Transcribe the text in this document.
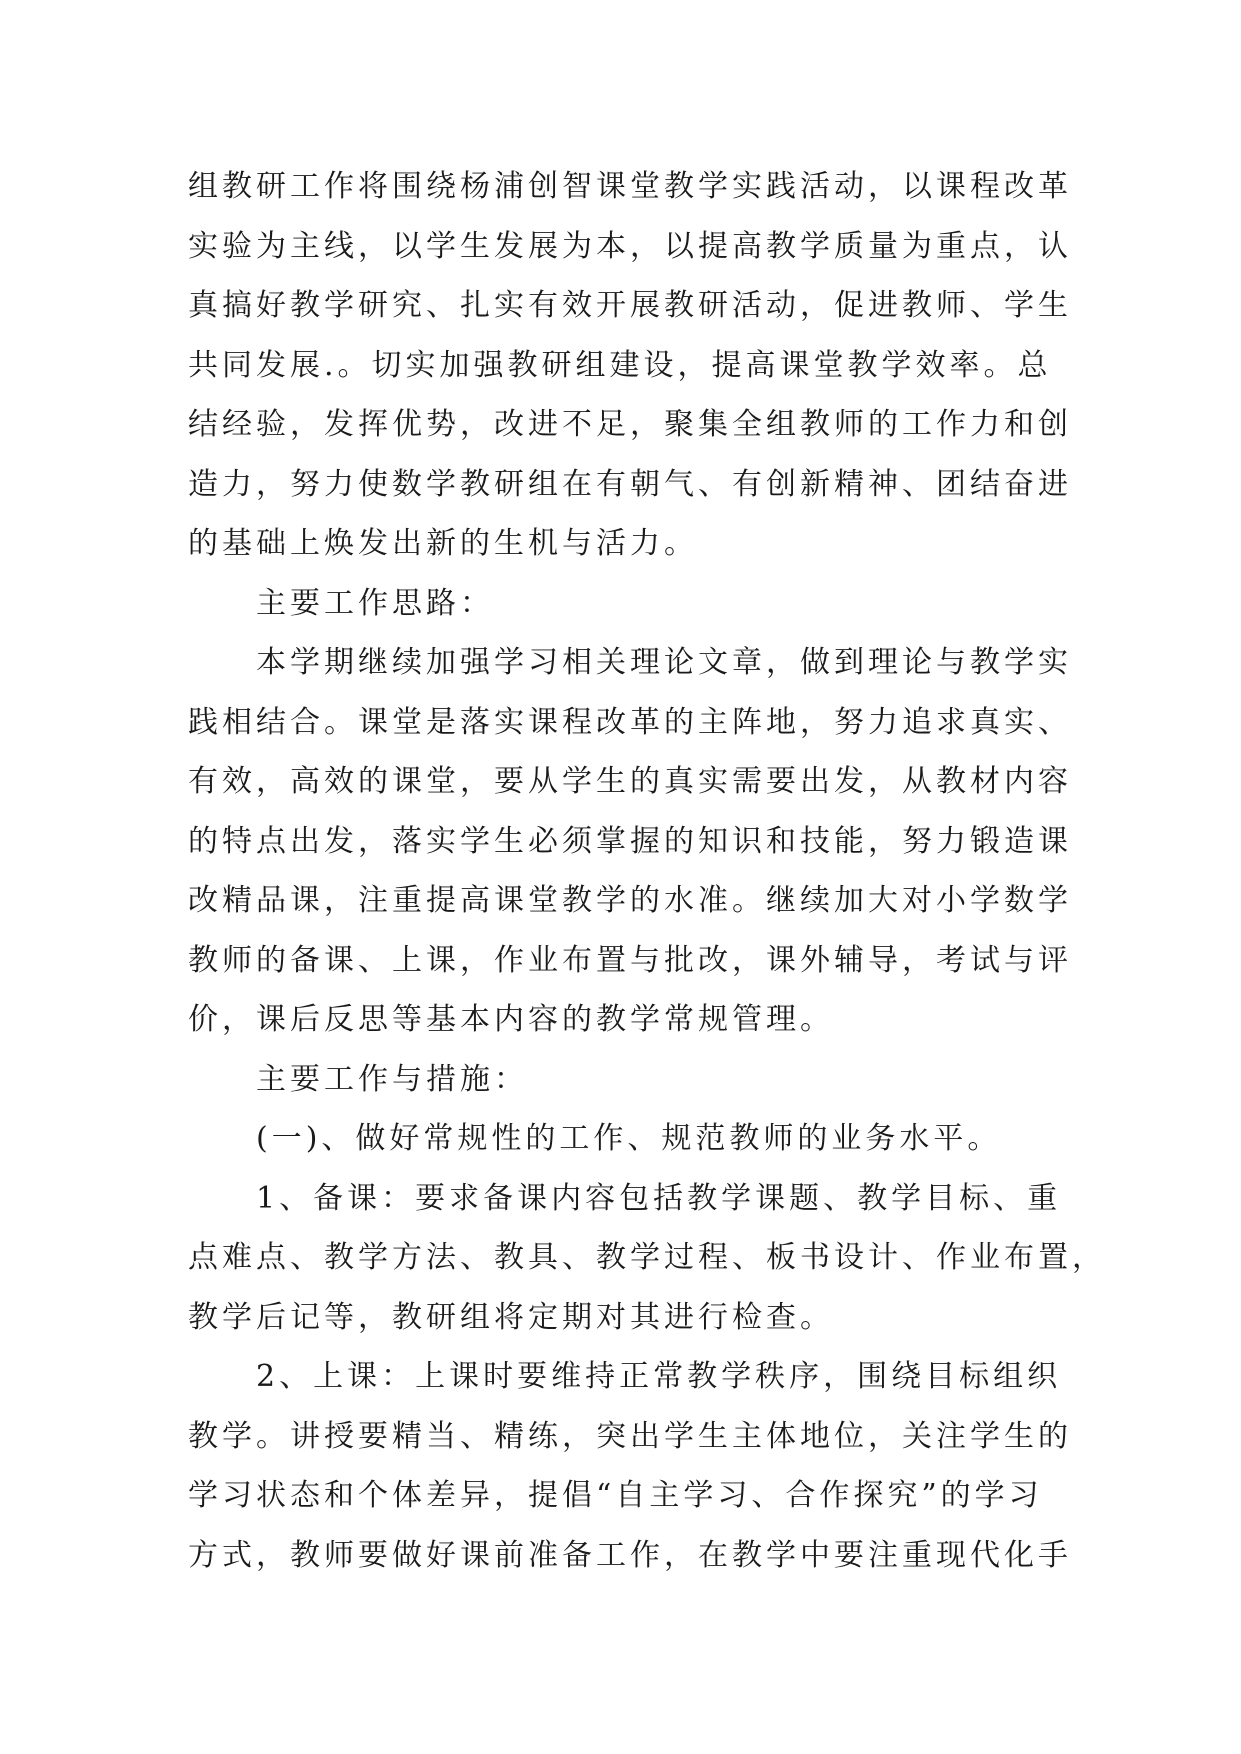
组教研工作将围绕杨浦创智课堂教学实践活动，以课程改革
实验为主线，以学生发展为本，以提高教学质量为重点，认
真搞好教学研究、扎实有效开展教研活动，促进教师、学生
共同发展.。切实加强教研组建设，提高课堂教学效率。总
结经验，发挥优势，改进不足，聚集全组教师的工作力和创
造力，努力使数学教研组在有朝气、有创新精神、团结奋进
的基础上焕发出新的生机与活力。
主要工作思路：
本学期继续加强学习相关理论文章，做到理论与教学实
践相结合。课堂是落实课程改革的主阵地，努力追求真实、
有效，高效的课堂，要从学生的真实需要出发，从教材内容
的特点出发，落实学生必须掌握的知识和技能，努力锻造课
改精品课，注重提高课堂教学的水准。继续加大对小学数学
教师的备课、上课，作业布置与批改，课外辅导，考试与评
价，课后反思等基本内容的教学常规管理。
主要工作与措施：
(一)、做好常规性的工作、规范教师的业务水平。
1、备课：要求备课内容包括教学课题、教学目标、重
点难点、教学方法、教具、教学过程、板书设计、作业布置，
教学后记等，教研组将定期对其进行检查。
2、上课：上课时要维持正常教学秩序，围绕目标组织
教学。讲授要精当、精练，突出学生主体地位，关注学生的
学习状态和个体差异，提倡“自主学习、合作探究”的学习
方式，教师要做好课前准备工作，在教学中要注重现代化手
